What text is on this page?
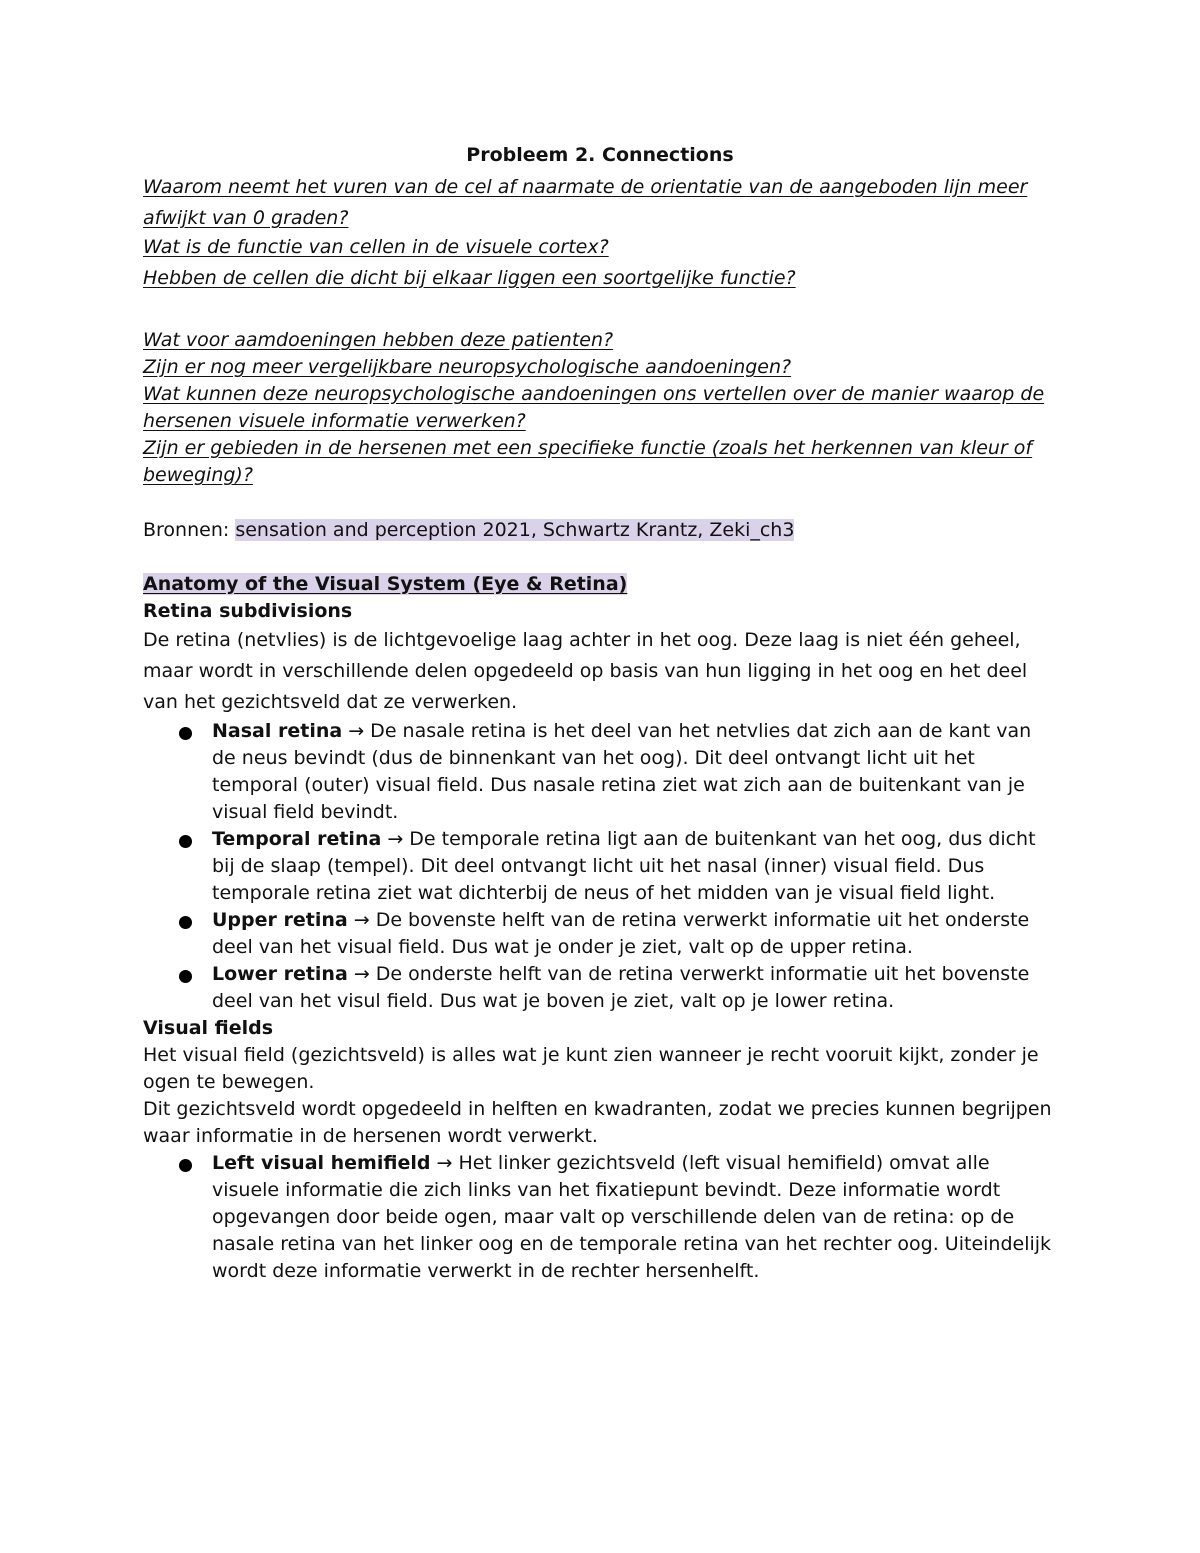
Probleem 2. Connections

Waarom neemt het vuren van de cel af naarmate de orientatie van de aangeboden lijn meer afwijkt van 0 graden?

Wat is de functie van cellen in de visuele cortex?

Hebben de cellen die dicht bij elkaar liggen een soortgelijke functie?

Wat voor aamdoeningen hebben deze patienten?

Zijn er nog meer vergelijkbare neuropsychologische aandoeningen?

Wat kunnen deze neuropsychologische aandoeningen ons vertellen over de manier waarop de hersenen visuele informatie verwerken?

Zijn er gebieden in de hersenen met een specifieke functie (zoals het herkennen van kleur of beweging)?

Bronnen: sensation and perception 2021, Schwartz Krantz, Zeki_ch3
Anatomy of the Visual System (Eye & Retina)
Retina subdivisions

De retina (netvlies) is de lichtgevoelige laag achter in het oog. Deze laag is niet één geheel, maar wordt in verschillende delen opgedeeld op basis van hun ligging in het oog en het deel van het gezichtsveld dat ze verwerken.

Nasal retina → De nasale retina is het deel van het netvlies dat zich aan de kant van de neus bevindt (dus de binnenkant van het oog). Dit deel ontvangt licht uit het temporal (outer) visual field. Dus nasale retina ziet wat zich aan de buitenkant van je visual field bevindt.
Temporal retina → De temporale retina ligt aan de buitenkant van het oog, dus dicht bij de slaap (tempel). Dit deel ontvangt licht uit het nasal (inner) visual field. Dus temporale retina ziet wat dichterbij de neus of het midden van je visual field light.
Upper retina → De bovenste helft van de retina verwerkt informatie uit het onderste deel van het visual field. Dus wat je onder je ziet, valt op de upper retina.
Lower retina → De onderste helft van de retina verwerkt informatie uit het bovenste deel van het visul field. Dus wat je boven je ziet, valt op je lower retina.
Visual fields

Het visual field (gezichtsveld) is alles wat je kunt zien wanneer je recht vooruit kijkt, zonder je ogen te bewegen.

Dit gezichtsveld wordt opgedeeld in helften en kwadranten, zodat we precies kunnen begrijpen waar informatie in de hersenen wordt verwerkt.

Left visual hemifield → Het linker gezichtsveld (left visual hemifield) omvat alle visuele informatie die zich links van het fixatiepunt bevindt. Deze informatie wordt opgevangen door beide ogen, maar valt op verschillende delen van de retina: op de nasale retina van het linker oog en de temporale retina van het rechter oog. Uiteindelijk wordt deze informatie verwerkt in de rechter hersenhelft.
